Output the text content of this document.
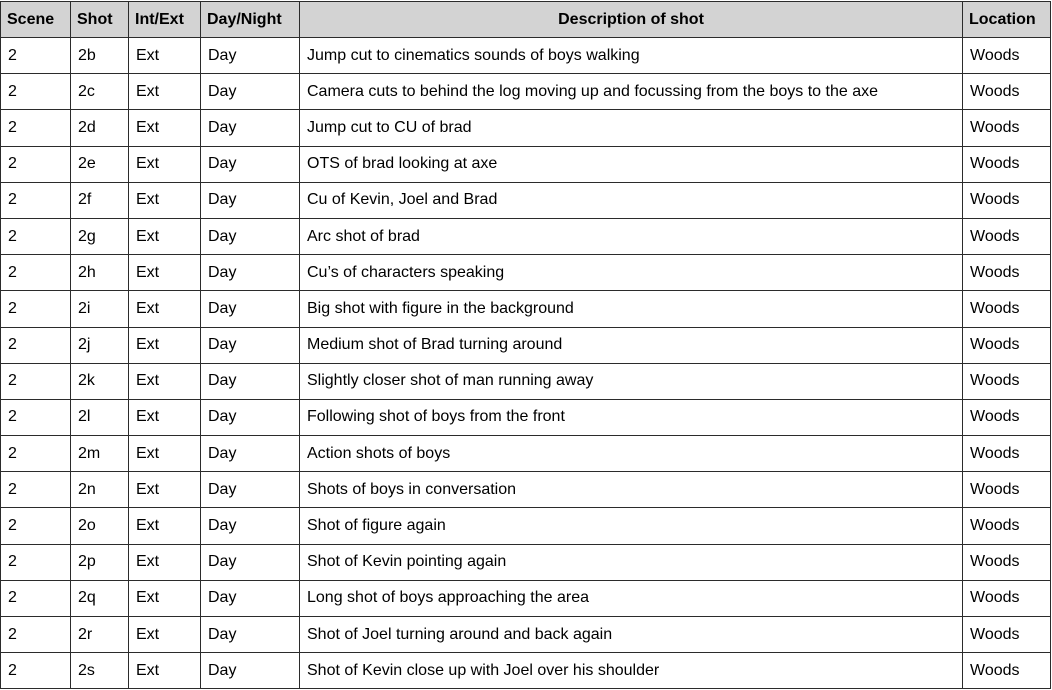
Scene	Shot	Int/Ext	Day/Night	Description of shot	Location
2	2b	Ext	Day	Jump cut to cinematics sounds of boys walking	Woods
2	2c	Ext	Day	Camera cuts to behind the log moving up and focussing from the boys to the axe	Woods
2	2d	Ext	Day	Jump cut to CU of brad	Woods
2	2e	Ext	Day	OTS of brad looking at axe	Woods
2	2f	Ext	Day	Cu of Kevin, Joel and Brad	Woods
2	2g	Ext	Day	Arc shot of brad	Woods
2	2h	Ext	Day	Cu’s of characters speaking	Woods
2	2i	Ext	Day	Big shot with figure in the background	Woods
2	2j	Ext	Day	Medium shot of Brad turning around	Woods
2	2k	Ext	Day	Slightly closer shot of man running away	Woods
2	2l	Ext	Day	Following shot of boys from the front	Woods
2	2m	Ext	Day	Action shots of boys	Woods
2	2n	Ext	Day	Shots of boys in conversation	Woods
2	2o	Ext	Day	Shot of figure again	Woods
2	2p	Ext	Day	Shot of Kevin pointing again	Woods
2	2q	Ext	Day	Long shot of boys approaching the area	Woods
2	2r	Ext	Day	Shot of Joel turning around and back again	Woods
2	2s	Ext	Day	Shot of Kevin close up with Joel over his shoulder	Woods
